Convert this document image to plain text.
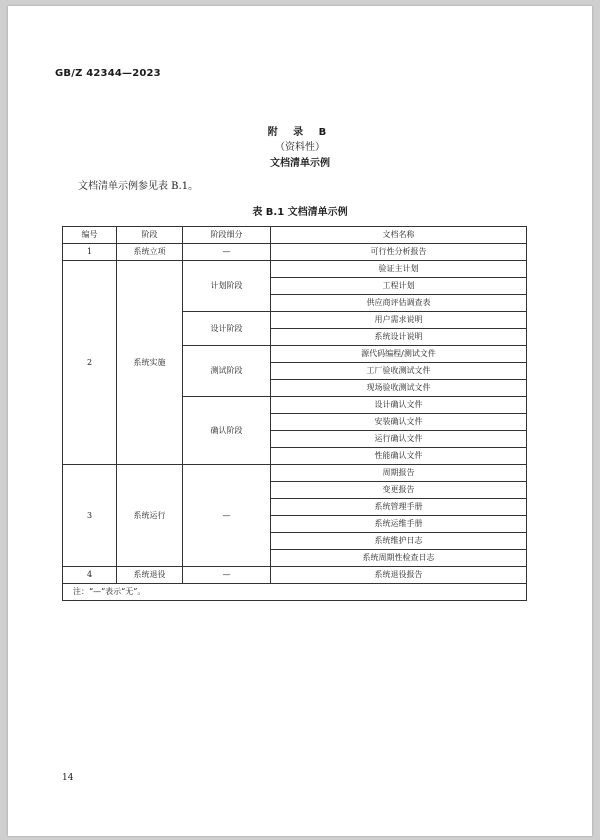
GB/Z 42344—2023
附 录 B
（资料性）
文档清单示例
文档清单示例参见表 B.1。
表 B.1 文档清单示例
编号	阶段	阶段细分	文档名称
1	系统立项	—	可行性分析报告
2	系统实施	计划阶段	验证主计划
			工程计划
			供应商评估调查表
		设计阶段	用户需求说明
			系统设计说明
		测试阶段	源代码编程/测试文件
			工厂验收测试文件
			现场验收测试文件
		确认阶段	设计确认文件
			安装确认文件
			运行确认文件
			性能确认文件
3	系统运行	—	周期报告
			变更报告
			系统管理手册
			系统运维手册
			系统维护日志
			系统周期性检查日志
4	系统退役	—	系统退役报告
注：“—”表示“无”。			
14
